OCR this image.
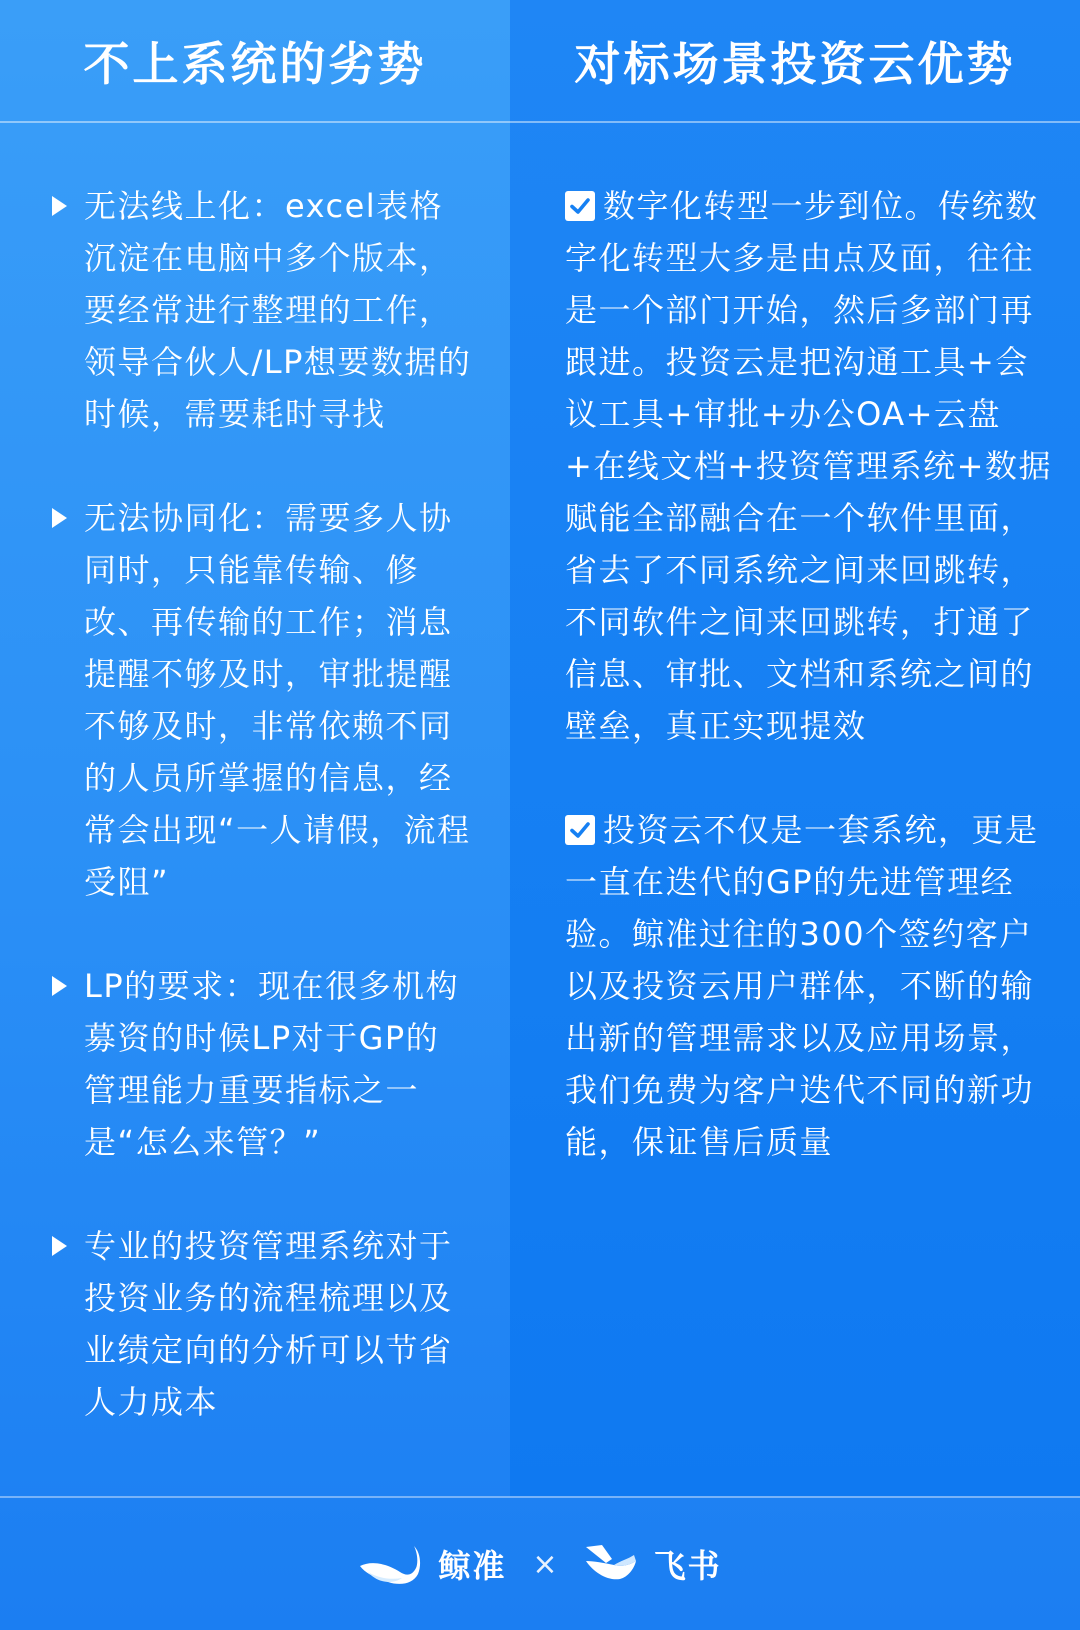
不上系统的劣势	对标场景投资云优势
无法线上化：excel表格沉淀在电脑中多个版本，要经常进行整理的工作，领导合伙人/LP想要数据的时候，需要耗时寻找
无法协同化：需要多人协同时，只能靠传输、修改、再传输的工作；消息提醒不够及时，审批提醒不够及时，非常依赖不同的人员所掌握的信息，经常会出现“一人请假，流程受阻”
LP的要求：现在很多机构募资的时候LP对于GP的管理能力重要指标之一是“怎么来管？”
专业的投资管理系统对于投资业务的流程梳理以及业绩定向的分析可以节省人力成本
数字化转型一步到位。传统数字化转型大多是由点及面，往往是一个部门开始，然后多部门再跟进。投资云是把沟通工具+会议工具+审批+办公OA+云盘+在线文档+投资管理系统+数据赋能全部融合在一个软件里面，省去了不同系统之间来回跳转，不同软件之间来回跳转，打通了信息、审批、文档和系统之间的壁垒，真正实现提效
投资云不仅是一套系统，更是一直在迭代的GP的先进管理经验。鲸准过往的300个签约客户以及投资云用户群体，不断的输出新的管理需求以及应用场景，我们免费为客户迭代不同的新功能，保证售后质量
鲸准 ×	飞书
